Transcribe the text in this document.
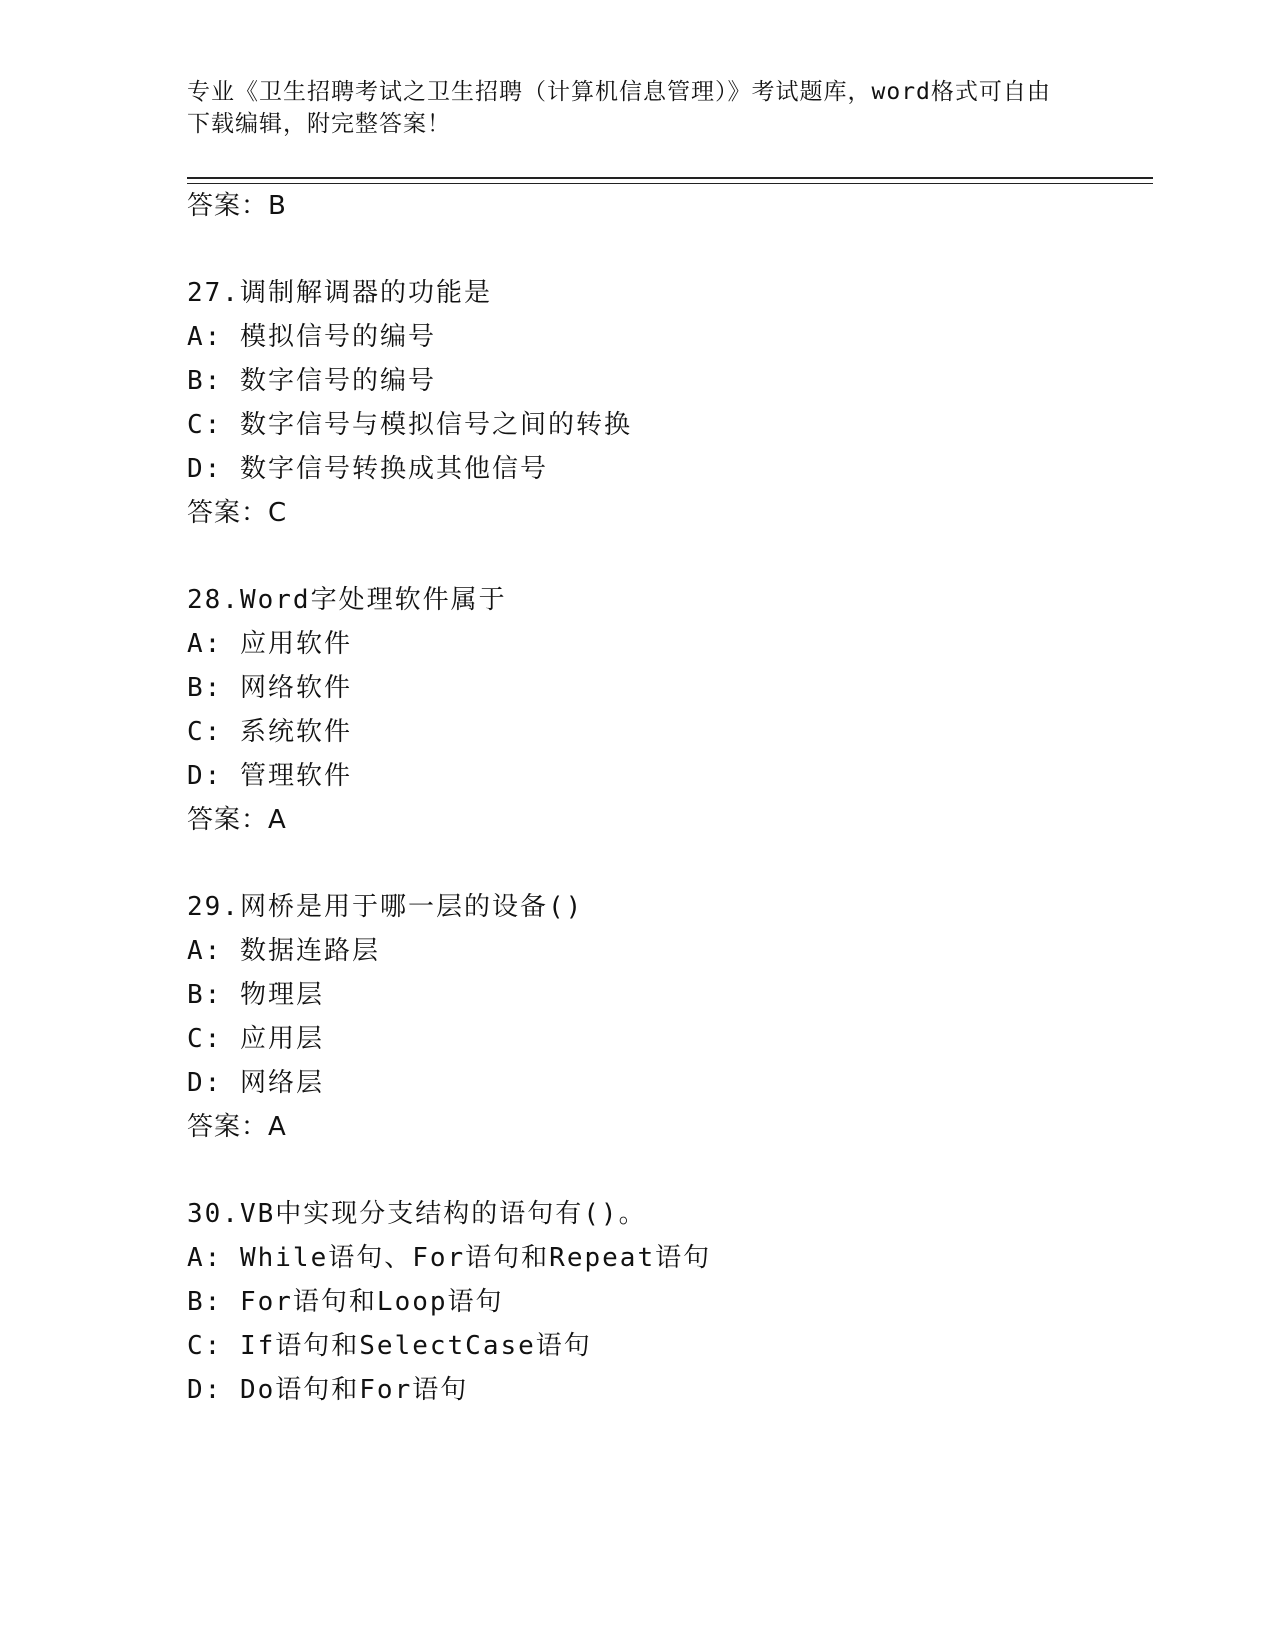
专业《卫生招聘考试之卫生招聘（计算机信息管理）》考试题库，word格式可自由下载编辑，附完整答案！
答案：B
27.调制解调器的功能是
A: 模拟信号的编号
B: 数字信号的编号
C: 数字信号与模拟信号之间的转换
D: 数字信号转换成其他信号
答案：C
28.Word字处理软件属于
A: 应用软件
B: 网络软件
C: 系统软件
D: 管理软件
答案：A
29.网桥是用于哪一层的设备()
A: 数据连路层
B: 物理层
C: 应用层
D: 网络层
答案：A
30.VB中实现分支结构的语句有()。
A: While语句、For语句和Repeat语句
B: For语句和Loop语句
C: If语句和SelectCase语句
D: Do语句和For语句
